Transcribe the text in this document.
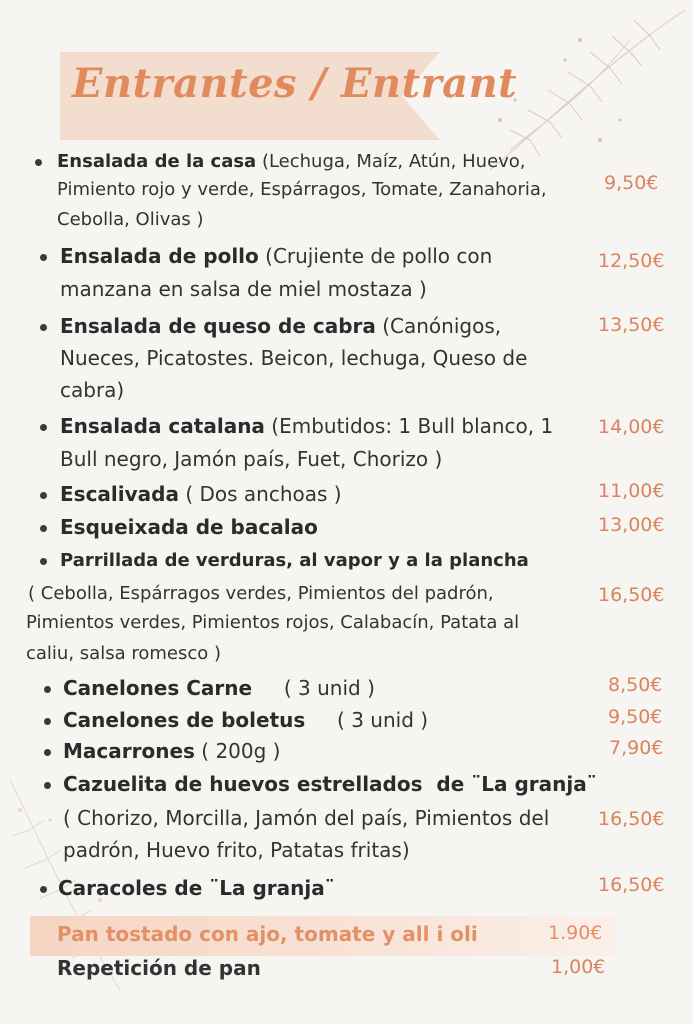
Entrantes / Entrant
Ensalada de la casa (Lechuga, Maíz, Atún, Huevo,
Pimiento rojo y verde, Espárragos, Tomate, Zanahoria,
Cebolla, Olivas )
9,50€
Ensalada de pollo (Crujiente de pollo con
manzana en salsa de miel mostaza )
12,50€
Ensalada de queso de cabra (Canónigos,
Nueces, Picatostes. Beicon, lechuga, Queso de
cabra)
13,50€
Ensalada catalana (Embutidos: 1 Bull blanco, 1
Bull negro, Jamón país, Fuet, Chorizo )
14,00€
Escalivada ( Dos anchoas )	11,00€
Esqueixada de bacalao	13,00€
Parrillada de verduras, al vapor y a la plancha
( Cebolla, Espárragos verdes, Pimientos del padrón,
Pimientos verdes, Pimientos rojos, Calabacín, Patata al
caliu, salsa romesco )
16,50€
Canelones Carne     ( 3 unid )	8,50€
Canelones de boletus     ( 3 unid )	9,50€
Macarrones ( 200g )	7,90€
Cazuelita de huevos estrellados  de ¨La granja¨
( Chorizo, Morcilla, Jamón del país, Pimientos del
padrón, Huevo frito, Patatas fritas)
16,50€
Caracoles de ¨La granja¨	16,50€
Pan tostado con ajo, tomate y all i oli	1.90€
Repetición de pan	1,00€
